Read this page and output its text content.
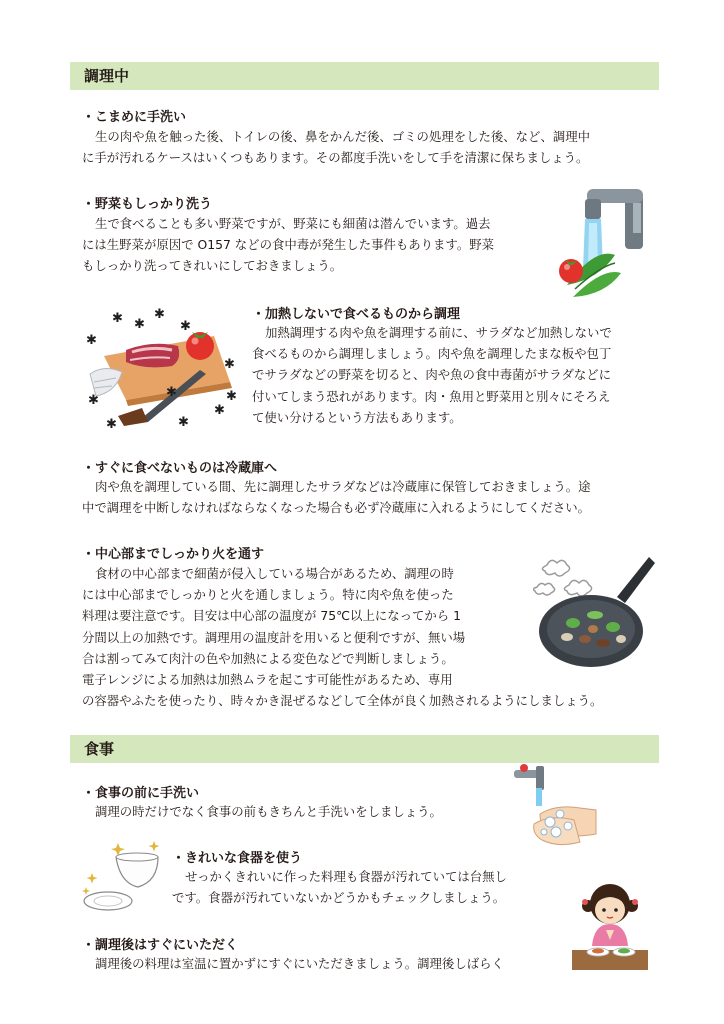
調理中
・こまめに手洗い

生の肉や魚を触った後、トイレの後、鼻をかんだ後、ゴミの処理をした後、など、調理中

に手が汚れるケースはいくつもあります。その都度手洗いをして手を清潔に保ちましょう。

・野菜もしっかり洗う

生で食べることも多い野菜ですが、野菜にも細菌は潜んでいます。過去

には生野菜が原因で O157 などの食中毒が発生した事件もあります。野菜

もしっかり洗ってきれいにしておきましょう。

✱ ✱
✱
✱
✱
✱
✱
✱
✱
✱
✱
✱
・加熱しないで食べるものから調理

加熱調理する肉や魚を調理する前に、サラダなど加熱しないで

食べるものから調理しましょう。肉や魚を調理したまな板や包丁

でサラダなどの野菜を切ると、肉や魚の食中毒菌がサラダなどに

付いてしまう恐れがあります。肉・魚用と野菜用と別々にそろえ

て使い分けるという方法もあります。

・すぐに食べないものは冷蔵庫へ

肉や魚を調理している間、先に調理したサラダなどは冷蔵庫に保管しておきましょう。途

中で調理を中断しなければならなくなった場合も必ず冷蔵庫に入れるようにしてください。

・中心部までしっかり火を通す

食材の中心部まで細菌が侵入している場合があるため、調理の時

には中心部までしっかりと火を通しましょう。特に肉や魚を使った

料理は要注意です。目安は中心部の温度が 75℃以上になってから 1

分間以上の加熱です。調理用の温度計を用いると便利ですが、無い場

合は割ってみて肉汁の色や加熱による変色などで判断しましょう。

電子レンジによる加熱は加熱ムラを起こす可能性があるため、専用

の容器やふたを使ったり、時々かき混ぜるなどして全体が良く加熱されるようにしましょう。

食事
・食事の前に手洗い

調理の時だけでなく食事の前もきちんと手洗いをしましょう。

・きれいな食器を使う

せっかくきれいに作った料理も食器が汚れていては台無し

です。食器が汚れていないかどうかもチェックしましょう。

・調理後はすぐにいただく

調理後の料理は室温に置かずにすぐにいただきましょう。調理後しばらく
